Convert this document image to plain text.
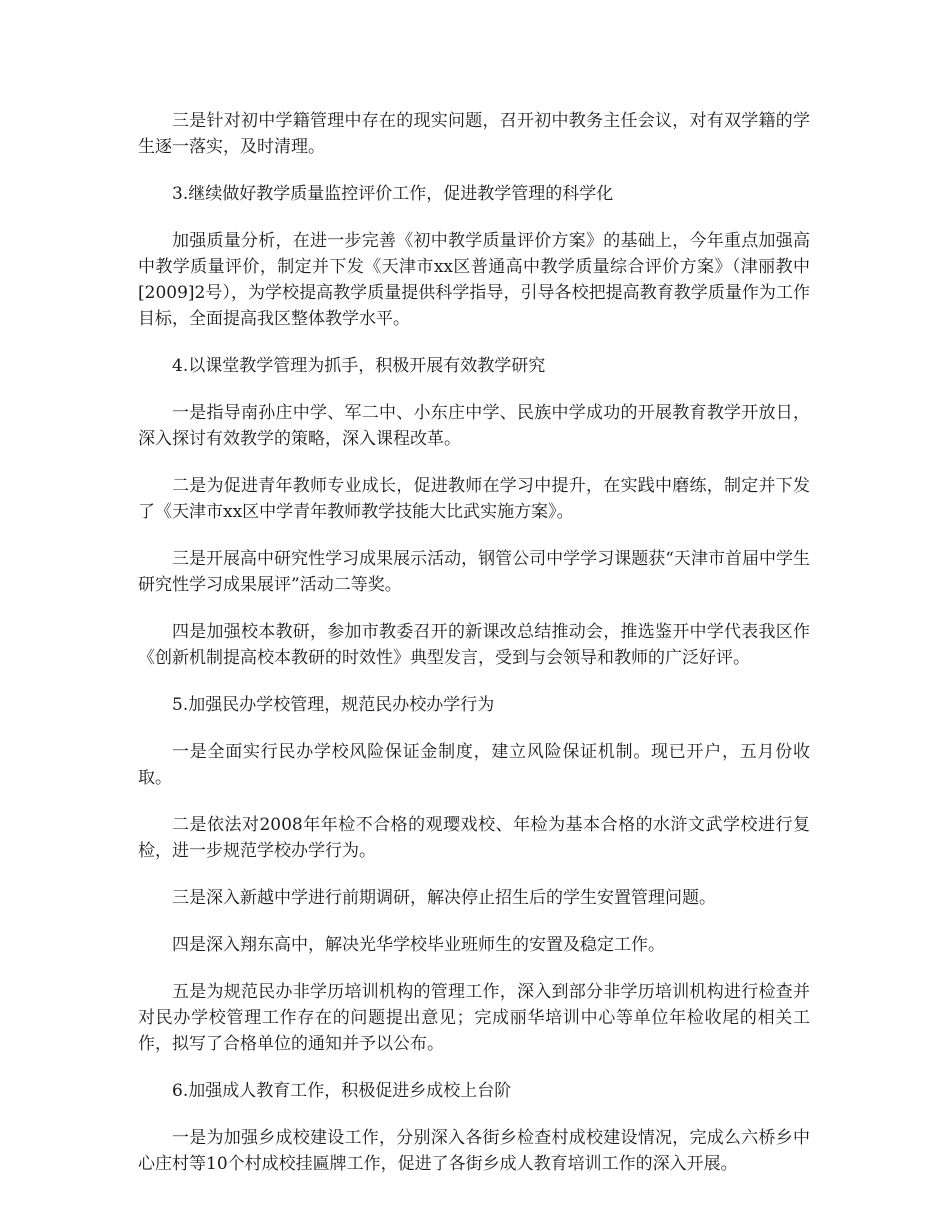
三是针对初中学籍管理中存在的现实问题，召开初中教务主任会议，对有双学籍的学生逐一落实，及时清理。

3.继续做好教学质量监控评价工作，促进教学管理的科学化

加强质量分析，在进一步完善《初中教学质量评价方案》的基础上，今年重点加强高中教学质量评价，制定并下发《天津市xx区普通高中教学质量综合评价方案》（津丽教中[2009]2号），为学校提高教学质量提供科学指导，引导各校把提高教育教学质量作为工作目标，全面提高我区整体教学水平。

4.以课堂教学管理为抓手，积极开展有效教学研究

一是指导南孙庄中学、军二中、小东庄中学、民族中学成功的开展教育教学开放日，深入探讨有效教学的策略，深入课程改革。

二是为促进青年教师专业成长，促进教师在学习中提升，在实践中磨练，制定并下发了《天津市xx区中学青年教师教学技能大比武实施方案》。

三是开展高中研究性学习成果展示活动，钢管公司中学学习课题获“天津市首届中学生研究性学习成果展评”活动二等奖。

四是加强校本教研，参加市教委召开的新课改总结推动会，推选鉴开中学代表我区作《创新机制提高校本教研的时效性》典型发言，受到与会领导和教师的广泛好评。

5.加强民办学校管理，规范民办校办学行为

一是全面实行民办学校风险保证金制度，建立风险保证机制。现已开户，五月份收取。

二是依法对2008年年检不合格的观璎戏校、年检为基本合格的水浒文武学校进行复检，进一步规范学校办学行为。

三是深入新越中学进行前期调研，解决停止招生后的学生安置管理问题。

四是深入翔东高中，解决光华学校毕业班师生的安置及稳定工作。

五是为规范民办非学历培训机构的管理工作，深入到部分非学历培训机构进行检查并对民办学校管理工作存在的问题提出意见；完成丽华培训中心等单位年检收尾的相关工作，拟写了合格单位的通知并予以公布。

6.加强成人教育工作，积极促进乡成校上台阶

一是为加强乡成校建设工作，分别深入各街乡检查村成校建设情况，完成么六桥乡中心庄村等10个村成校挂匾牌工作，促进了各街乡成人教育培训工作的深入开展。
